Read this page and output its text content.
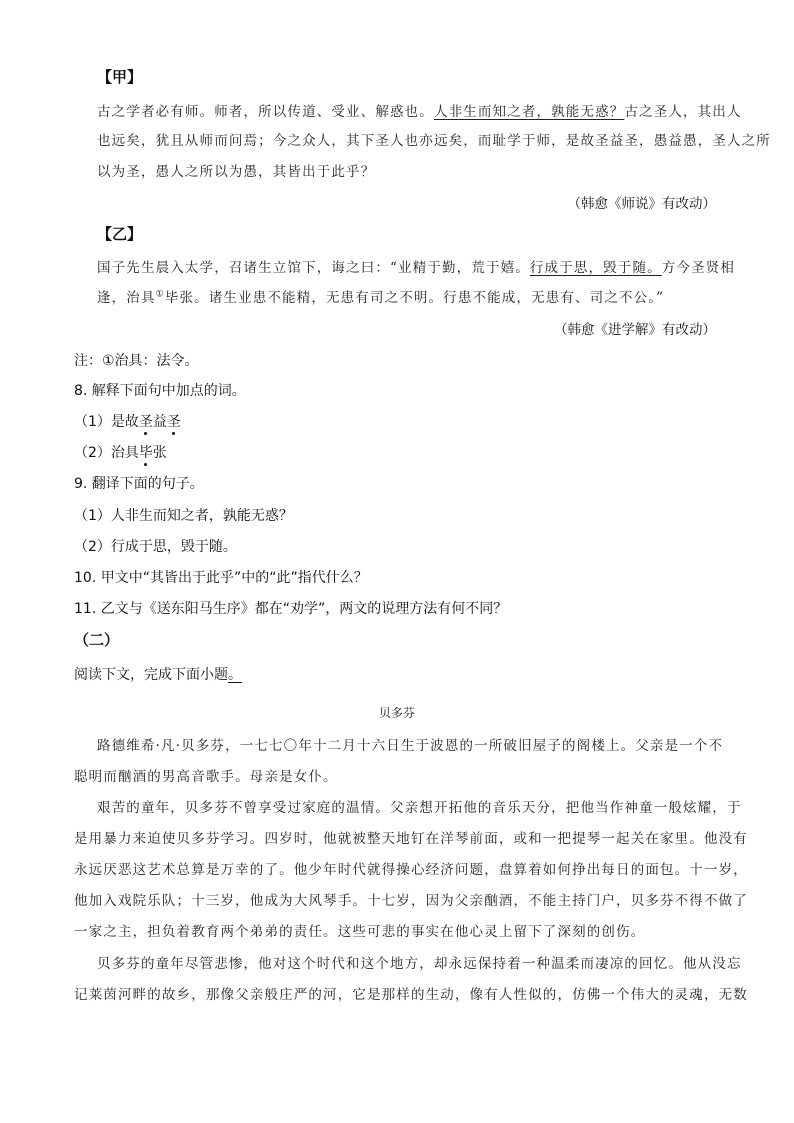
【甲】
古之学者必有师。师者，所以传道、受业、解惑也。人非生而知之者，孰能无惑？古之圣人，其出人
也远矣，犹且从师而问焉；今之众人，其下圣人也亦远矣，而耻学于师，是故圣益圣，愚益愚，圣人之所
以为圣，愚人之所以为愚，其皆出于此乎？
（韩愈《师说》有改动）
【乙】
国子先生晨入太学，召诸生立馆下，诲之曰：“业精于勤，荒于嬉。行成于思，毁于随。方今圣贤相
逢，治具①毕张。诸生业患不能精，无患有司之不明。行患不能成，无患有、司之不公。”
（韩愈《进学解》有改动）
注：①治具：法令。
8. 解释下面句中加点的词。
（1）是故圣益圣
（2）治具毕张
9. 翻译下面的句子。
（1）人非生而知之者，孰能无惑？
（2）行成于思，毁于随。
10. 甲文中“其皆出于此乎”中的“此”指代什么？
11. 乙文与《送东阳马生序》都在“劝学”，两文的说理方法有何不同？
（二）
阅读下文，完成下面小题。
贝多芬
路德维希·凡·贝多芬，一七七〇年十二月十六日生于波恩的一所破旧屋子的阁楼上。父亲是一个不
聪明而酗酒的男高音歌手。母亲是女仆。
艰苦的童年，贝多芬不曾享受过家庭的温情。父亲想开拓他的音乐天分，把他当作神童一般炫耀，于
是用暴力来迫使贝多芬学习。四岁时，他就被整天地钉在洋琴前面，或和一把提琴一起关在家里。他没有
永远厌恶这艺术总算是万幸的了。他少年时代就得操心经济问题，盘算着如何挣出每日的面包。十一岁，
他加入戏院乐队；十三岁，他成为大风琴手。十七岁，因为父亲酗酒，不能主持门户，贝多芬不得不做了
一家之主，担负着教育两个弟弟的责任。这些可悲的事实在他心灵上留下了深刻的创伤。
贝多芬的童年尽管悲惨，他对这个时代和这个地方，却永远保持着一种温柔而凄凉的回忆。他从没忘
记莱茵河畔的故乡，那像父亲般庄严的河，它是那样的生动，像有人性似的，仿佛一个伟大的灵魂，无数
